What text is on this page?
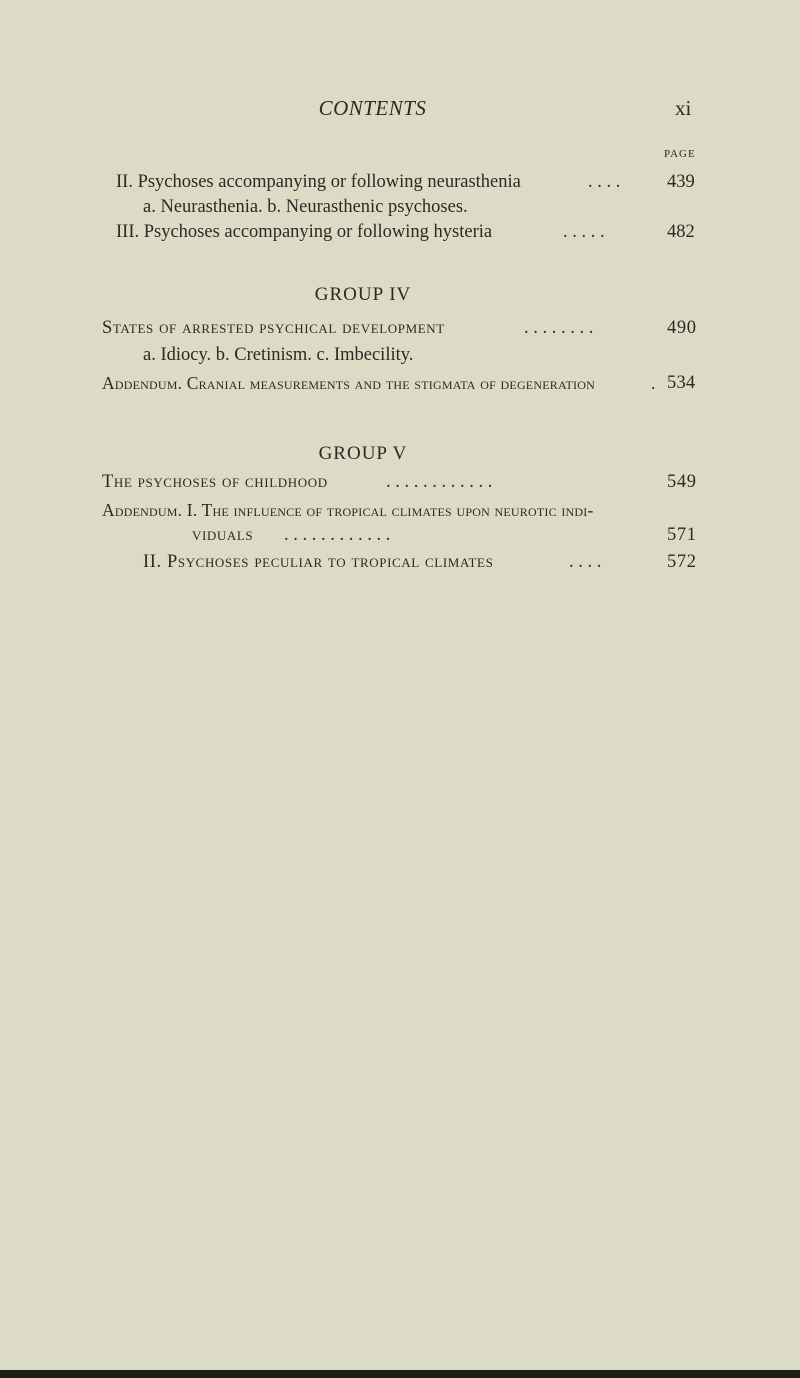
CONTENTS	xi
PAGE
II. Psychoses accompanying or following neurasthenia	. . . .	439
a. Neurasthenia. b. Neurasthenic psychoses.
III. Psychoses accompanying or following hysteria	. . . . .	482
GROUP IV
States of arrested psychical development	. . . . . . . .	490
a. Idiocy. b. Cretinism. c. Imbecility.
Addendum. Cranial measurements and the stigmata of degeneration	. 534
GROUP V
The psychoses of childhood	. . . . . . . . . . . .	549
Addendum. I. The influence of tropical climates upon neurotic indi-
viduals . . . . . . . . . . . .	571
II. Psychoses peculiar to tropical climates	. . . .	572
